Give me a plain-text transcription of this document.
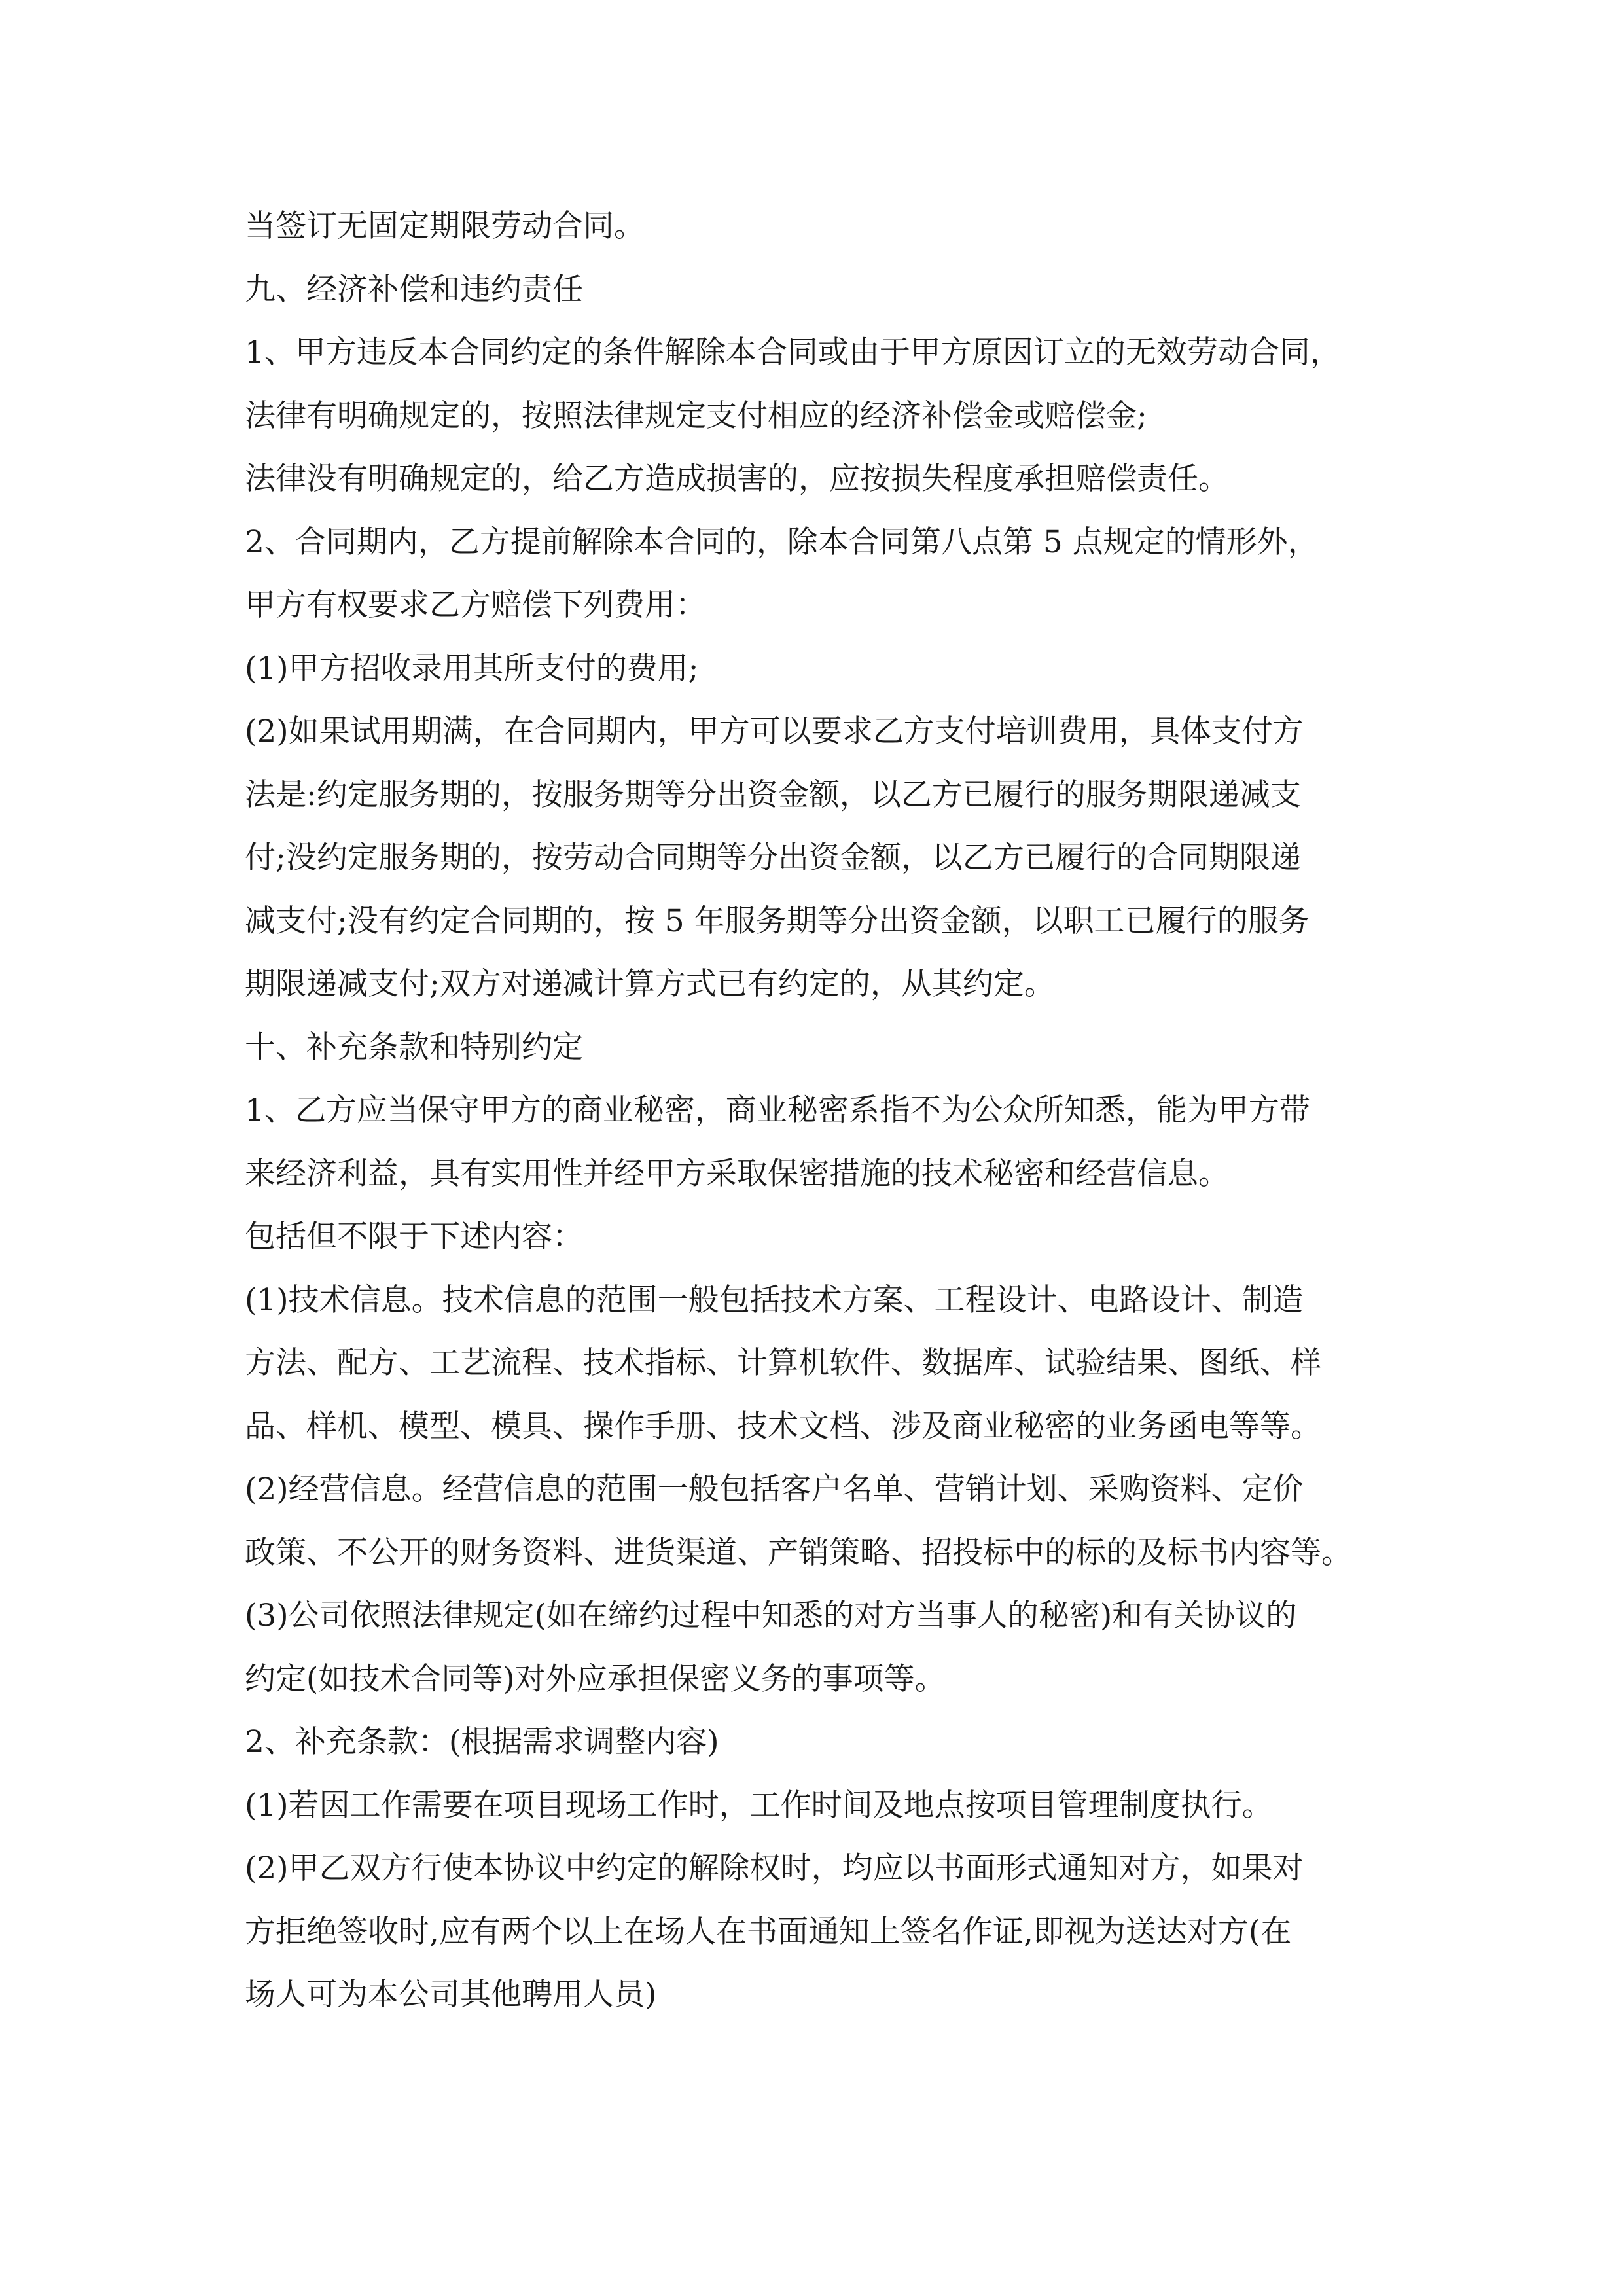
当签订无固定期限劳动合同。
九、经济补偿和违约责任
1、甲方违反本合同约定的条件解除本合同或由于甲方原因订立的无效劳动合同，
法律有明确规定的，按照法律规定支付相应的经济补偿金或赔偿金;
法律没有明确规定的，给乙方造成损害的，应按损失程度承担赔偿责任。
2、合同期内，乙方提前解除本合同的，除本合同第八点第 5 点规定的情形外，
甲方有权要求乙方赔偿下列费用：
(1)甲方招收录用其所支付的费用;
(2)如果试用期满，在合同期内，甲方可以要求乙方支付培训费用，具体支付方
法是:约定服务期的，按服务期等分出资金额，以乙方已履行的服务期限递减支
付;没约定服务期的，按劳动合同期等分出资金额，以乙方已履行的合同期限递
减支付;没有约定合同期的，按 5 年服务期等分出资金额，以职工已履行的服务
期限递减支付;双方对递减计算方式已有约定的，从其约定。
十、补充条款和特别约定
1、乙方应当保守甲方的商业秘密，商业秘密系指不为公众所知悉，能为甲方带
来经济利益，具有实用性并经甲方采取保密措施的技术秘密和经营信息。
包括但不限于下述内容：
(1)技术信息。技术信息的范围一般包括技术方案、工程设计、电路设计、制造
方法、配方、工艺流程、技术指标、计算机软件、数据库、试验结果、图纸、样
品、样机、模型、模具、操作手册、技术文档、涉及商业秘密的业务函电等等。
(2)经营信息。经营信息的范围一般包括客户名单、营销计划、采购资料、定价
政策、不公开的财务资料、进货渠道、产销策略、招投标中的标的及标书内容等。
(3)公司依照法律规定(如在缔约过程中知悉的对方当事人的秘密)和有关协议的
约定(如技术合同等)对外应承担保密义务的事项等。
2、补充条款：(根据需求调整内容)
(1)若因工作需要在项目现场工作时，工作时间及地点按项目管理制度执行。
(2)甲乙双方行使本协议中约定的解除权时，均应以书面形式通知对方，如果对
方拒绝签收时,应有两个以上在场人在书面通知上签名作证,即视为送达对方(在
场人可为本公司其他聘用人员)
